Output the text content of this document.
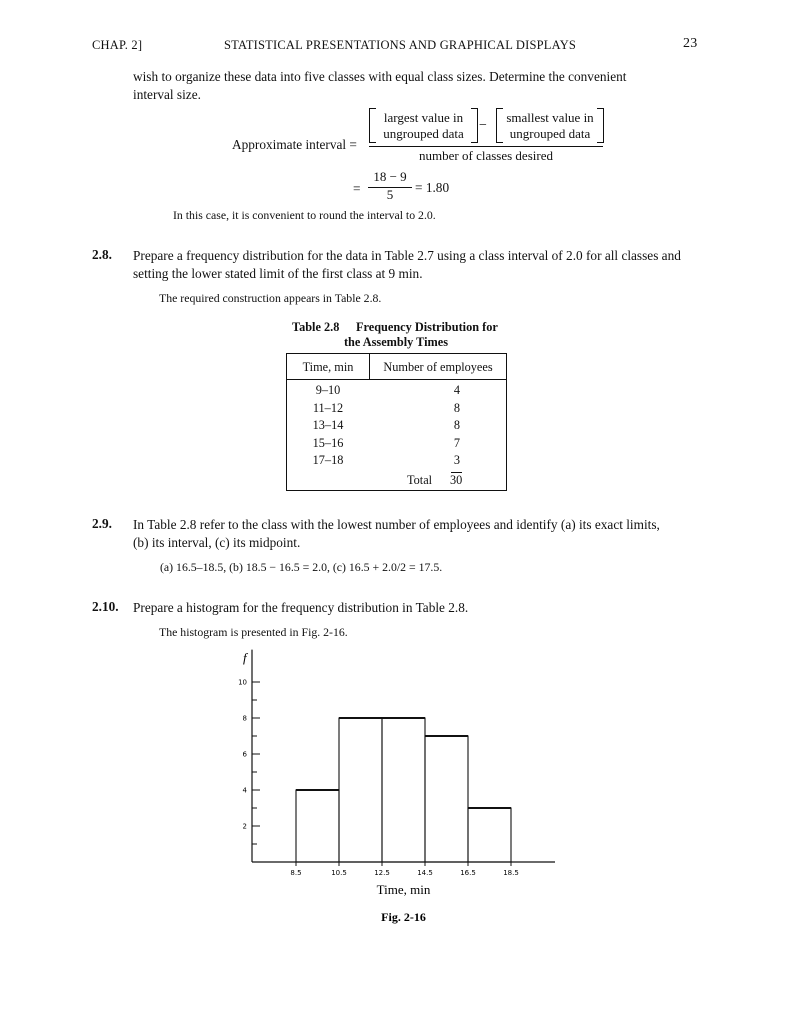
CHAP. 2]	STATISTICAL PRESENTATIONS AND GRAPHICAL DISPLAYS	23
wish to organize these data into five classes with equal class sizes. Determine the convenient
interval size.
Approximate interval =
largest value in
ungrouped data
−
smallest value in
ungrouped data
number of classes desired
=
18 − 9
5	= 1.80
In this case, it is convenient to round the interval to 2.0.
2.8. Prepare a frequency distribution for the data in Table 2.7 using a class interval of 2.0 for all classes and
setting the lower stated limit of the first class at 9 min.
The required construction appears in Table 2.8.
Table 2.8 Frequency Distribution for
the Assembly Times
Time, min	Number of employees
9–10	4
11–12	8
13–14	8
15–16	7
17–18	3
Total 30
2.9. In Table 2.8 refer to the class with the lowest number of employees and identify (a) its exact limits,
(b) its interval, (c) its midpoint.
(a) 16.5–18.5, (b) 18.5 − 16.5 = 2.0, (c) 16.5 + 2.0/2 = 17.5.
2.10. Prepare a histogram for the frequency distribution in Table 2.8.
The histogram is presented in Fig. 2-16.
f
2
4
6
8
10
8.5	10.5	12.5	14.5	16.5	18.5
Time, min
Fig. 2-16
